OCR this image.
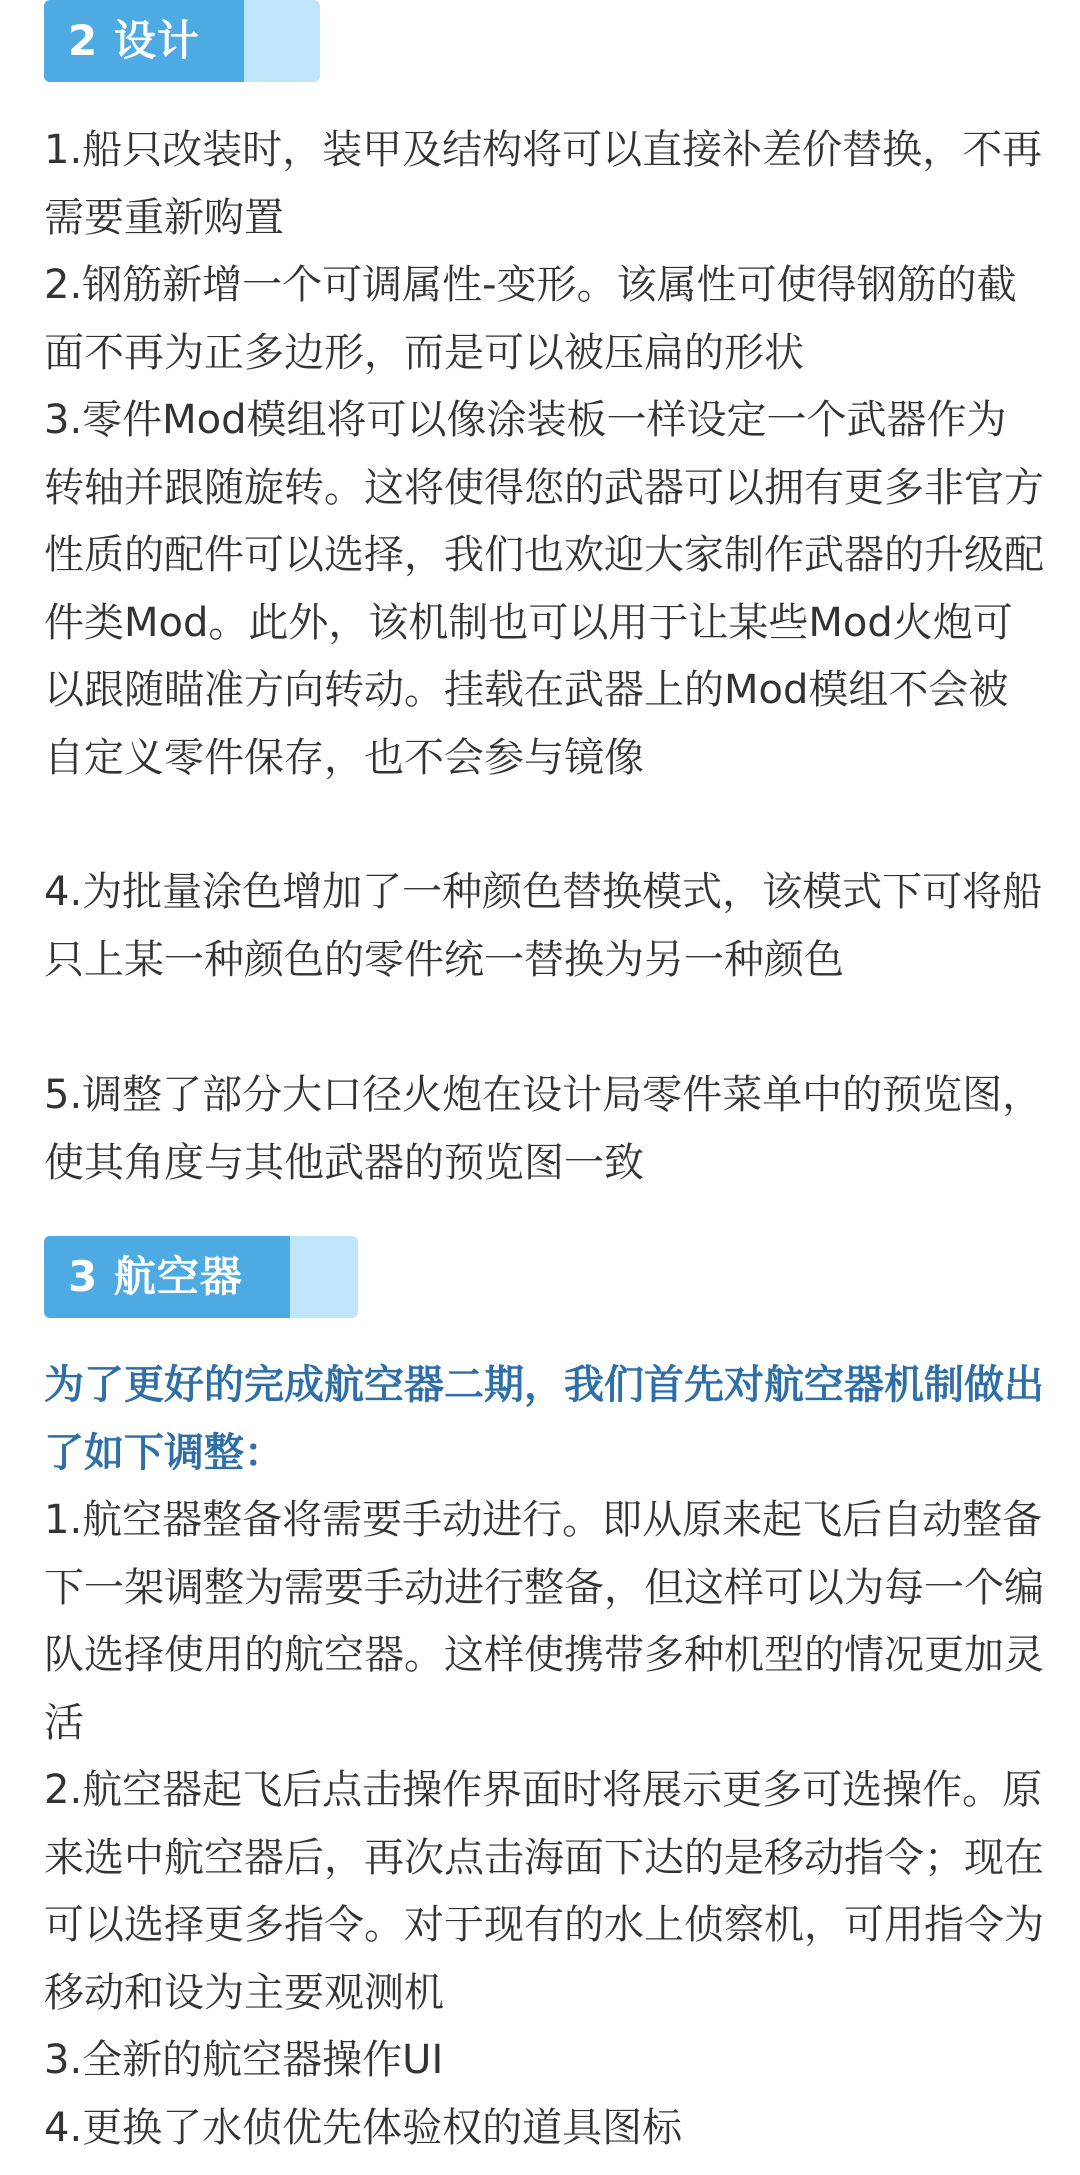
2 设计

1.船只改装时，装甲及结构将可以直接补差价替换，不再需要重新购置

2.钢筋新增一个可调属性-变形。该属性可使得钢筋的截面不再为正多边形，而是可以被压扁的形状

3.零件Mod模组将可以像涂装板一样设定一个武器作为转轴并跟随旋转。这将使得您的武器可以拥有更多非官方性质的配件可以选择，我们也欢迎大家制作武器的升级配件类Mod。此外，该机制也可以用于让某些Mod火炮可以跟随瞄准方向转动。挂载在武器上的Mod模组不会被自定义零件保存，也不会参与镜像

4.为批量涂色增加了一种颜色替换模式，该模式下可将船只上某一种颜色的零件统一替换为另一种颜色

5.调整了部分大口径火炮在设计局零件菜单中的预览图，使其角度与其他武器的预览图一致

3 航空器

为了更好的完成航空器二期，我们首先对航空器机制做出了如下调整：

1.航空器整备将需要手动进行。即从原来起飞后自动整备下一架调整为需要手动进行整备，但这样可以为每一个编队选择使用的航空器。这样使携带多种机型的情况更加灵活

2.航空器起飞后点击操作界面时将展示更多可选操作。原来选中航空器后，再次点击海面下达的是移动指令；现在可以选择更多指令。对于现有的水上侦察机，可用指令为移动和设为主要观测机

3.全新的航空器操作UI

4.更换了水侦优先体验权的道具图标
